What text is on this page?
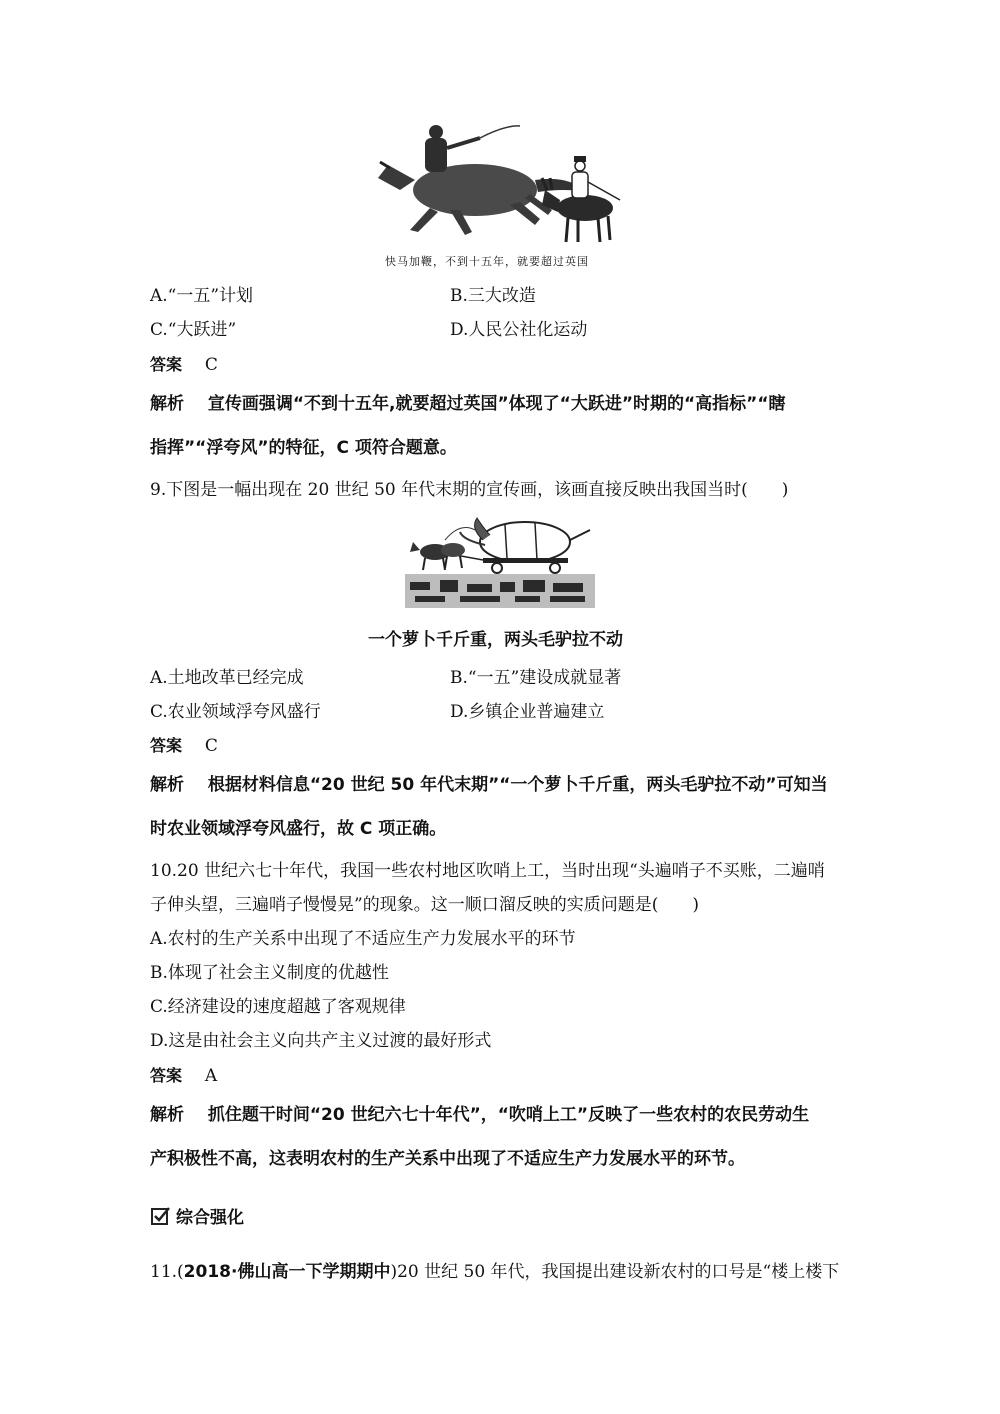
快马加鞭，不到十五年，就要超过英国
A.“一五”计划	B.三大改造
C.“大跃进”	D.人民公社化运动
答案 C
解析 宣传画强调“不到十五年,就要超过英国”体现了“大跃进”时期的“高指标”“瞎
指挥”“浮夸风”的特征，C 项符合题意。
9.下图是一幅出现在 20 世纪 50 年代末期的宣传画，该画直接反映出我国当时(　　)
一个萝卜千斤重，两头毛驴拉不动
A.土地改革已经完成	B.“一五”建设成就显著
C.农业领域浮夸风盛行	D.乡镇企业普遍建立
答案 C
解析 根据材料信息“20 世纪 50 年代末期”“一个萝卜千斤重，两头毛驴拉不动”可知当
时农业领域浮夸风盛行，故 C 项正确。
10.20 世纪六七十年代，我国一些农村地区吹哨上工，当时出现“头遍哨子不买账，二遍哨
子伸头望，三遍哨子慢慢晃”的现象。这一顺口溜反映的实质问题是(　　)
A.农村的生产关系中出现了不适应生产力发展水平的环节
B.体现了社会主义制度的优越性
C.经济建设的速度超越了客观规律
D.这是由社会主义向共产主义过渡的最好形式
答案 A
解析 抓住题干时间“20 世纪六七十年代”，“吹哨上工”反映了一些农村的农民劳动生
产积极性不高，这表明农村的生产关系中出现了不适应生产力发展水平的环节。
综合强化
11.(2018·佛山高一下学期期中)20 世纪 50 年代，我国提出建设新农村的口号是“楼上楼下
